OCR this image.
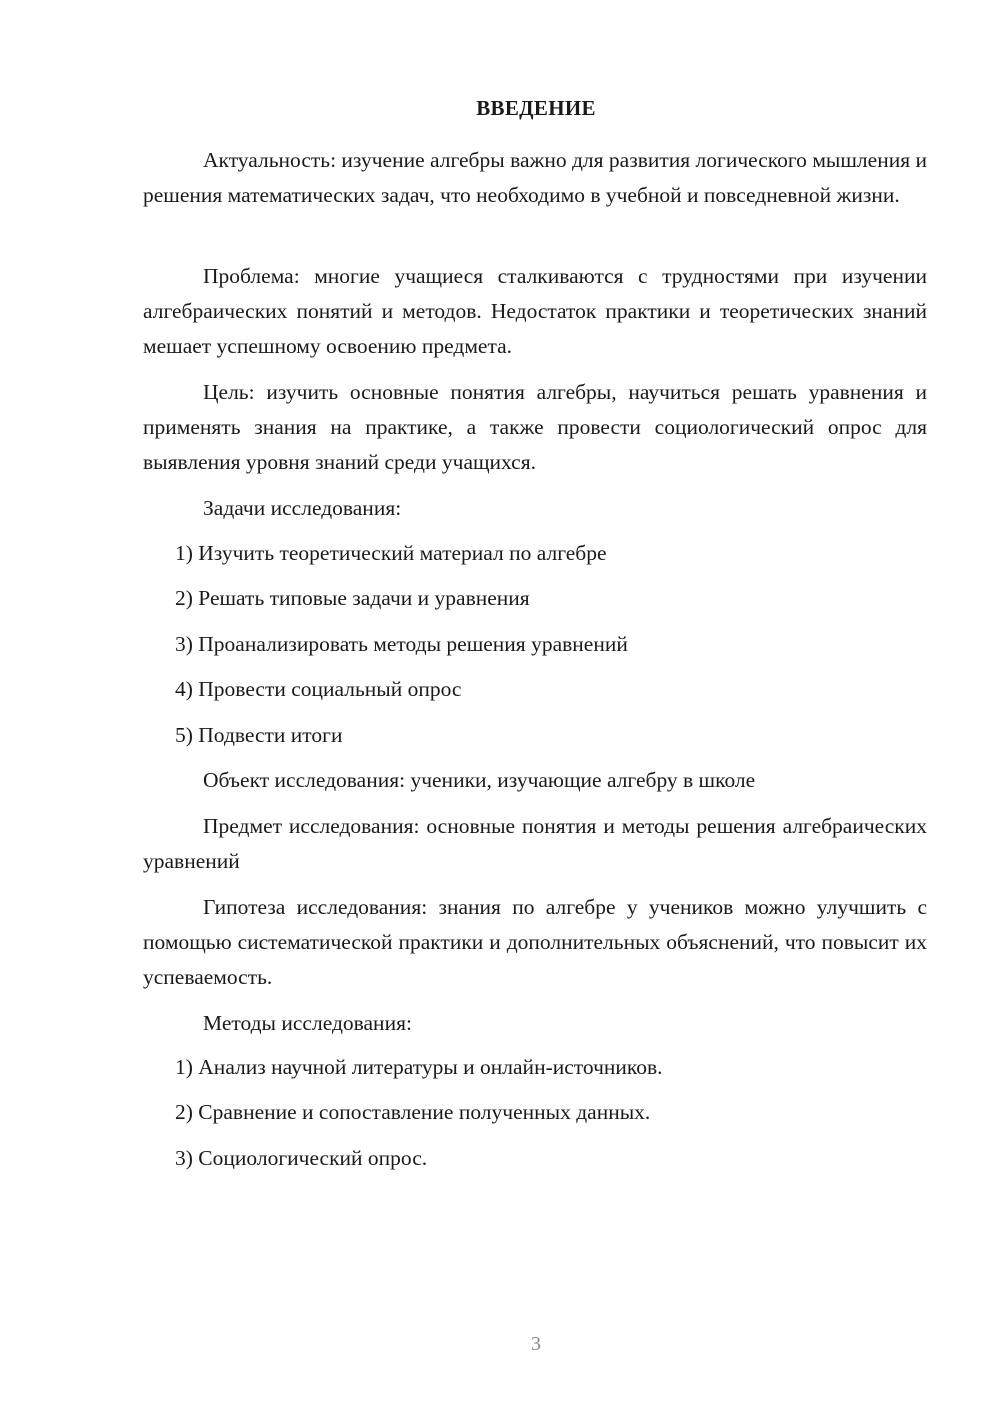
ВВЕДЕНИЕ

Актуальность: изучение алгебры важно для развития логического мышления и решения математических задач, что необходимо в учебной и повседневной жизни.

Проблема: многие учащиеся сталкиваются с трудностями при изучении алгебраических понятий и методов. Недостаток практики и теоретических знаний мешает успешному освоению предмета.

Цель: изучить основные понятия алгебры, научиться решать уравнения и применять знания на практике, а также провести социологический опрос для выявления уровня знаний среди учащихся.

Задачи исследования:

1) Изучить теоретический материал по алгебре

2) Решать типовые задачи и уравнения

3) Проанализировать методы решения уравнений

4) Провести социальный опрос

5) Подвести итоги

Объект исследования: ученики, изучающие алгебру в школе

Предмет исследования: основные понятия и методы решения алгебраических уравнений

Гипотеза исследования: знания по алгебре у учеников можно улучшить с помощью систематической практики и дополнительных объяснений, что повысит их успеваемость.

Методы исследования:

1) Анализ научной литературы и онлайн-источников.

2) Сравнение и сопоставление полученных данных.

3) Социологический опрос.

3
